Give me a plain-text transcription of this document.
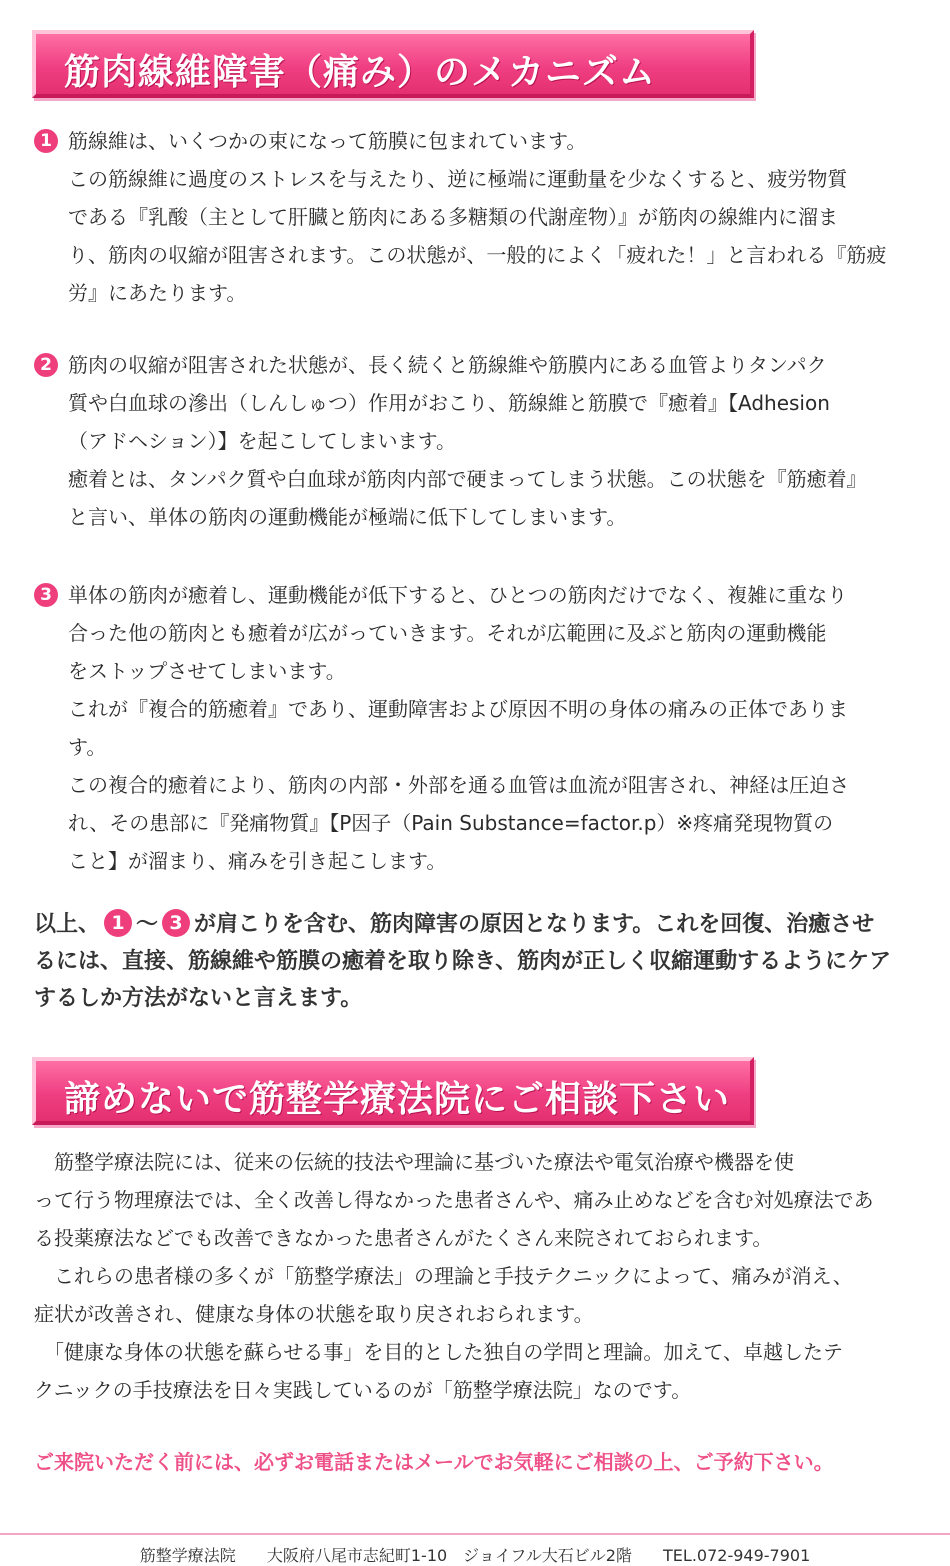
筋肉線維障害（痛み）のメカニズム
1 筋線維は、いくつかの束になって筋膜に包まれています。

この筋線維に過度のストレスを与えたり、逆に極端に運動量を少なくすると、疲労物質

である『乳酸（主として肝臓と筋肉にある多糖類の代謝産物）』が筋肉の線維内に溜ま

り、筋肉の収縮が阻害されます。この状態が、一般的によく「疲れた！」と言われる『筋疲

労』にあたります。

2 筋肉の収縮が阻害された状態が、長く続くと筋線維や筋膜内にある血管よりタンパク

質や白血球の滲出（しんしゅつ）作用がおこり、筋線維と筋膜で『癒着』【Adhesion

（アドヘション）】を起こしてしまいます。

癒着とは、タンパク質や白血球が筋肉内部で硬まってしまう状態。この状態を『筋癒着』

と言い、単体の筋肉の運動機能が極端に低下してしまいます。

3 単体の筋肉が癒着し、運動機能が低下すると、ひとつの筋肉だけでなく、複雑に重なり

合った他の筋肉とも癒着が広がっていきます。それが広範囲に及ぶと筋肉の運動機能

をストップさせてしまいます。

これが『複合的筋癒着』であり、運動障害および原因不明の身体の痛みの正体でありま

す。

この複合的癒着により、筋肉の内部・外部を通る血管は血流が阻害され、神経は圧迫さ

れ、その患部に『発痛物質』【P因子（Pain Substance=factor.p）※疼痛発現物質の

こと】が溜まり、痛みを引き起こします。

以上、 1 〜 3 が肩こりを含む、筋肉障害の原因となります。これを回復、治癒させ

るには、直接、筋線維や筋膜の癒着を取り除き、筋肉が正しく収縮運動するようにケア

するしか方法がないと言えます。

諦めないで筋整学療法院にご相談下さい

　筋整学療法院には、従来の伝統的技法や理論に基づいた療法や電気治療や機器を使

って行う物理療法では、全く改善し得なかった患者さんや、痛み止めなどを含む対処療法であ

る投薬療法などでも改善できなかった患者さんがたくさん来院されておられます。

　これらの患者様の多くが「筋整学療法」の理論と手技テクニックによって、痛みが消え、

症状が改善され、健康な身体の状態を取り戻されおられます。

　「健康な身体の状態を蘇らせる事」を目的とした独自の学問と理論。加えて、卓越したテ

クニックの手技療法を日々実践しているのが「筋整学療法院」なのです。

ご来院いただく前には、必ずお電話またはメールでお気軽にご相談の上、ご予約下さい。
筋整学療法院 大阪府八尾市志紀町1-10　ジョイフル大石ビル2階 TEL.072-949-7901
